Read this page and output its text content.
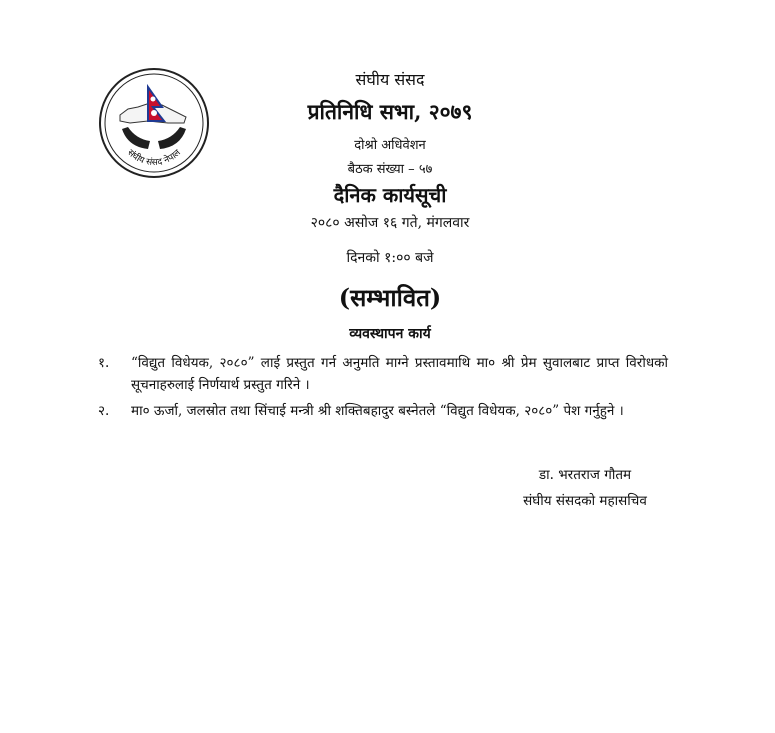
संघीय संसद नेपाल
संघीय संसद
प्रतिनिधि सभा, २०७९
दोश्रो अधिवेशन
बैठक संख्या – ५७
दैनिक कार्यसूची
२०८० असोज १६ गते, मंगलवार
दिनको १:०० बजे
(सम्भावित)
व्यवस्थापन कार्य
१. “विद्युत विधेयक, २०८०” लाई प्रस्तुत गर्न अनुमति माग्ने प्रस्तावमाथि मा० श्री प्रेम सुवालबाट प्राप्त विरोधको सूचनाहरुलाई निर्णयार्थ प्रस्तुत गरिने ।
२. मा० ऊर्जा, जलस्रोत तथा सिंचाई मन्त्री श्री शक्तिबहादुर बस्नेतले “विद्युत विधेयक, २०८०” पेश गर्नुहुने ।
डा. भरतराज गौतम
संघीय संसदको महासचिव
